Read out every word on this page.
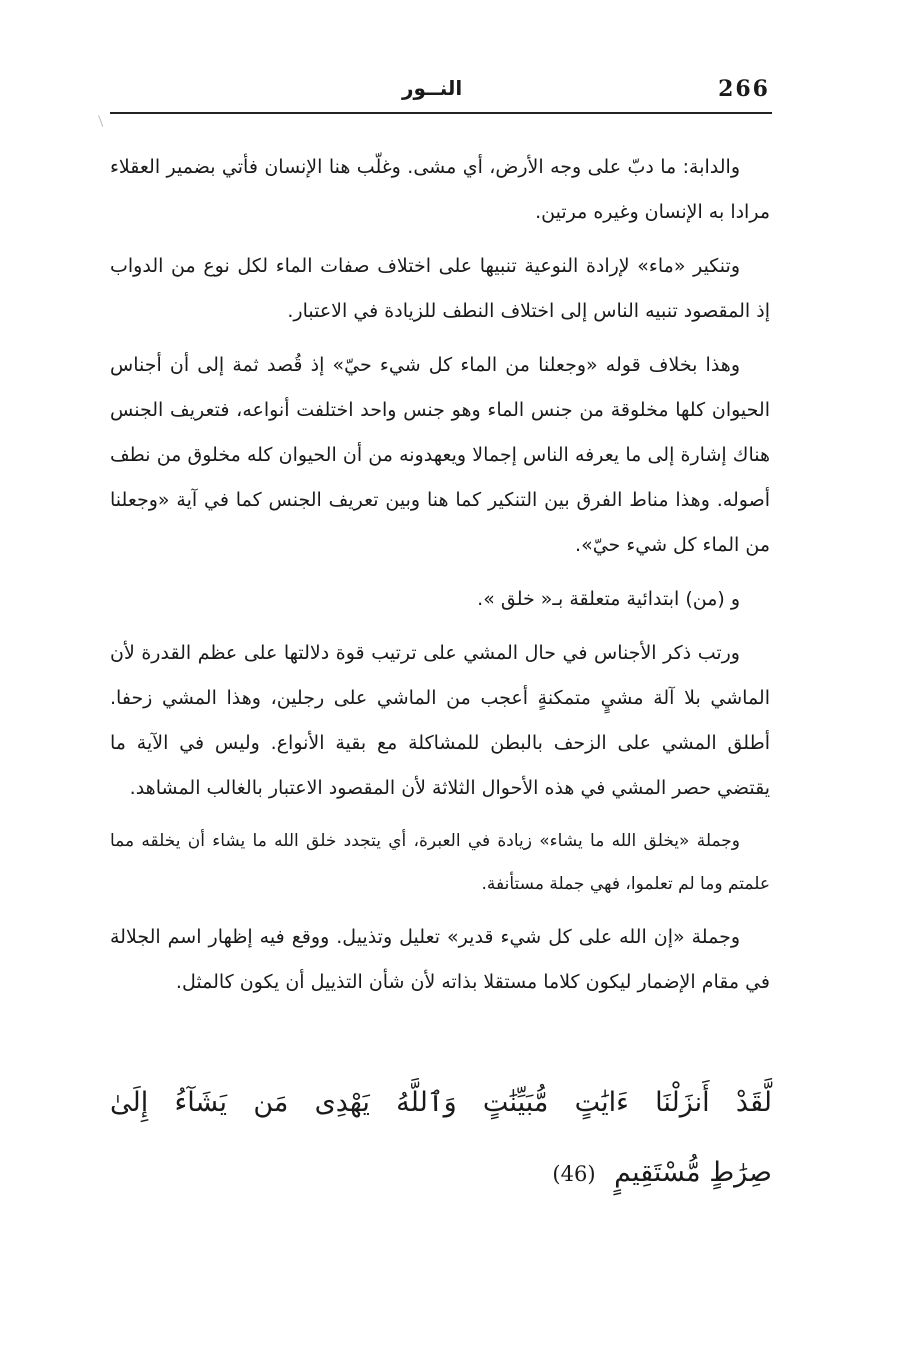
النــور	266

والدابة: ما دبّ على وجه الأرض، أي مشى. وغلّب هنا الإنسان فأتي بضمير العقلاء مرادا به الإنسان وغيره مرتين.

وتنكير «ماء» لإرادة النوعية تنبيها على اختلاف صفات الماء لكل نوع من الدواب إذ المقصود تنبيه الناس إلى اختلاف النطف للزيادة في الاعتبار.

وهذا بخلاف قوله «وجعلنا من الماء كل شيء حيّ» إذ قُصد ثمة إلى أن أجناس الحيوان كلها مخلوقة من جنس الماء وهو جنس واحد اختلفت أنواعه، فتعريف الجنس هناك إشارة إلى ما يعرفه الناس إجمالا ويعهدونه من أن الحيوان كله مخلوق من نطف أصوله. وهذا مناط الفرق بين التنكير كما هنا وبين تعريف الجنس كما في آية «وجعلنا من الماء كل شيء حيّ».

و (من) ابتدائية متعلقة بـ« خلق ».

ورتب ذكر الأجناس في حال المشي على ترتيب قوة دلالتها على عظم القدرة لأن الماشي بلا آلة مشيٍ متمكنةٍ أعجب من الماشي على رجلين، وهذا المشي زحفا. أطلق المشي على الزحف بالبطن للمشاكلة مع بقية الأنواع. وليس في الآية ما يقتضي حصر المشي في هذه الأحوال الثلاثة لأن المقصود الاعتبار بالغالب المشاهد.

وجملة «يخلق الله ما يشاء» زيادة في العبرة، أي يتجدد خلق الله ما يشاء أن يخلقه مما علمتم وما لم تعلموا، فهي جملة مستأنفة.

وجملة «إن الله على كل شيء قدير» تعليل وتذييل. ووقع فيه إظهار اسم الجلالة في مقام الإضمار ليكون كلاما مستقلا بذاته لأن شأن التذييل أن يكون كالمثل.

لَّقَدْ أَنزَلْنَا ءَايَٰتٍ مُّبَيِّنَٰتٍ وَٱللَّهُ يَهْدِى مَن يَشَآءُ إِلَىٰ
صِرَٰطٍ مُّسْتَقِيمٍ (46)
